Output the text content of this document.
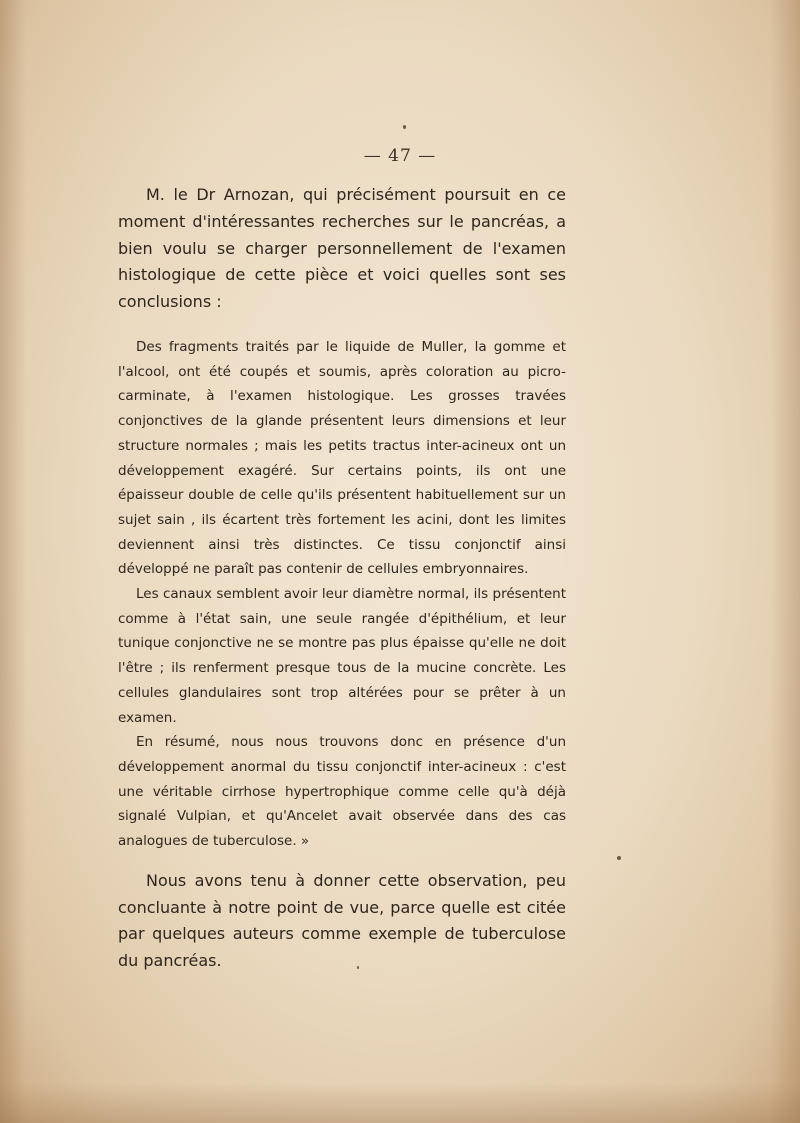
— 47 —

M. le Dr Arnozan, qui précisément poursuit en ce moment d'intéressantes recherches sur le pancréas, a bien voulu se charger personnellement de l'examen histologique de cette pièce et voici quelles sont ses conclusions :

Des fragments traités par le liquide de Muller, la gomme et l'alcool, ont été coupés et soumis, après coloration au picro-carminate, à l'examen histologique. Les grosses travées conjonctives de la glande présentent leurs dimensions et leur structure normales ; mais les petits tractus inter-acineux ont un développement exagéré. Sur certains points, ils ont une épaisseur double de celle qu'ils présentent habituellement sur un sujet sain , ils écartent très fortement les acini, dont les limites deviennent ainsi très distinctes. Ce tissu conjonctif ainsi développé ne paraît pas contenir de cellules embryonnaires.

Les canaux semblent avoir leur diamètre normal, ils présentent comme à l'état sain, une seule rangée d'épithélium, et leur tunique conjonctive ne se montre pas plus épaisse qu'elle ne doit l'être ; ils renferment presque tous de la mucine concrète. Les cellules glandulaires sont trop altérées pour se prêter à un examen.

En résumé, nous nous trouvons donc en présence d'un développement anormal du tissu conjonctif inter-acineux : c'est une véritable cirrhose hypertrophique comme celle qu'à déjà signalé Vulpian, et qu'Ancelet avait observée dans des cas analogues de tuberculose. »

Nous avons tenu à donner cette observation, peu concluante à notre point de vue, parce quelle est citée par quelques auteurs comme exemple de tuberculose du pancréas.
